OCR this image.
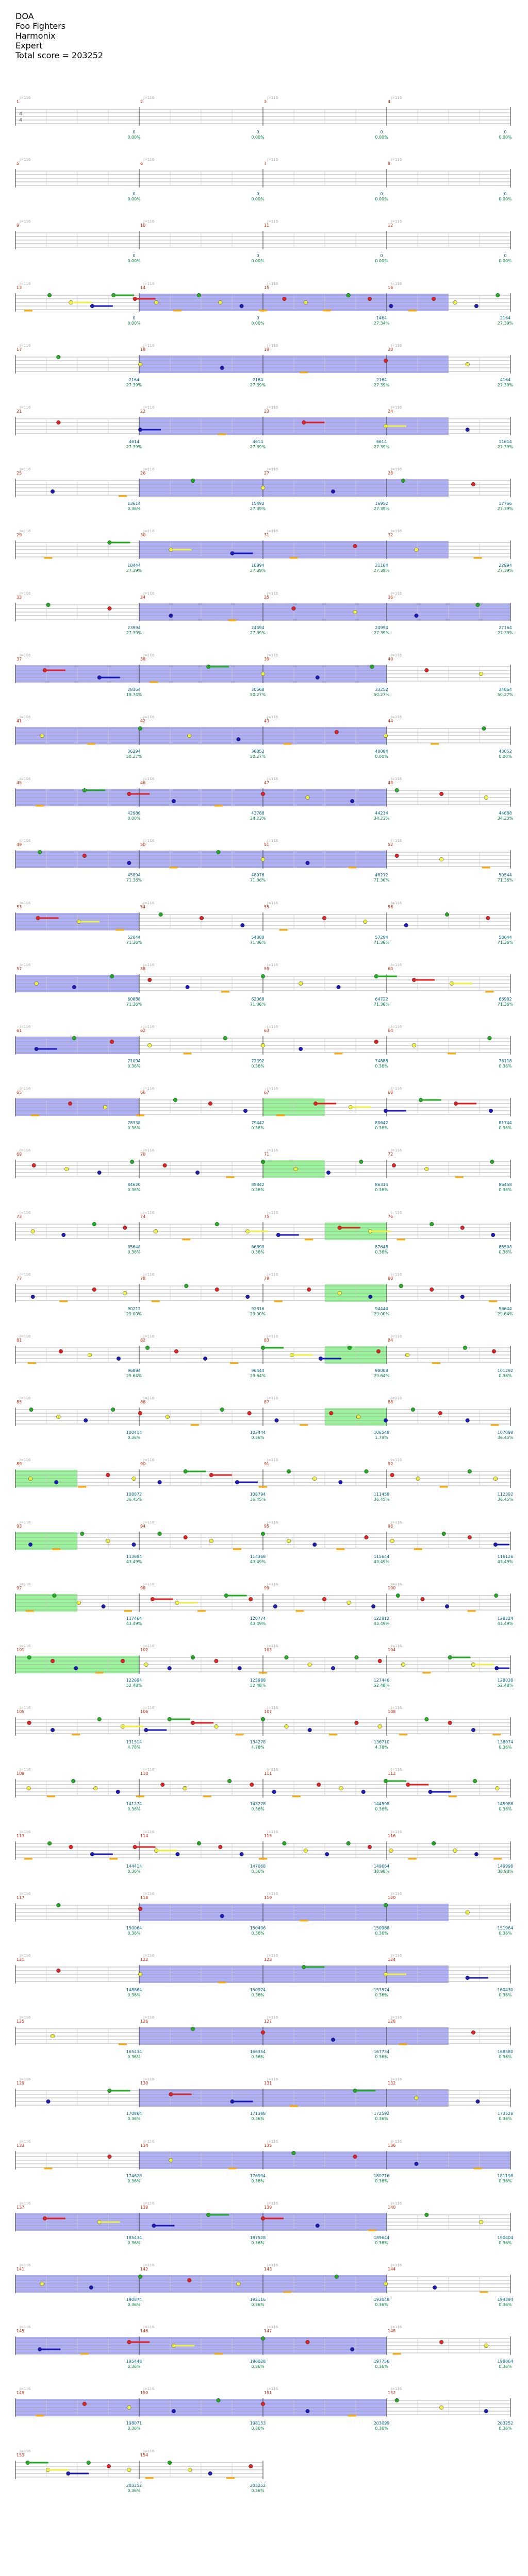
DOA
Foo Fighters
Harmonix
Expert
Total score = 203252
1
J=116
2
J=116
3
J=116
4
J=116
4
4
0
0.00%
0
0.00%
0
0.00%
0
0.00%
5
J=116
6
J=116
7
J=116
8
J=116
0
0.00%
0
0.00%
0
0.00%
0
0.00%
9
J=116
10
J=116
11
J=116
12
J=116
0
0.00%
0
0.00%
0
0.00%
0
0.00%
13
J=116
14
J=116
15
J=116
16
J=116
0
0.00%
0
0.00%
1464
27.34%
2164
27.39%
17
J=116
18
J=116
19
J=116
20
J=116
2164
27.39%
2164
27.39%
2164
27.39%
4164
27.39%
21
J=116
22
J=116
23
J=116
24
J=116
4614
27.39%
4614
27.39%
6614
27.39%
11614
27.39%
25
J=116
26
J=116
27
J=116
28
J=116
13614
0.36%
15492
27.39%
16952
27.39%
17766
27.39%
29
J=116
30
J=116
31
J=116
32
J=116
18444
27.39%
18994
27.39%
21164
27.39%
22994
27.39%
33
J=116
34
J=116
35
J=116
36
J=116
23994
27.39%
24494
27.39%
24994
27.39%
27164
27.39%
37
J=116
38
J=116
39
J=116
40
J=116
28164
19.74%
30568
50.27%
33252
50.27%
34064
50.27%
41
J=116
42
J=116
43
J=116
44
J=116
36294
50.27%
38852
50.27%
40884
0.00%
43052
0.00%
45
J=116
46
J=116
47
J=116
48
J=116
42986
0.00%
43788
34.23%
44214
34.23%
44688
34.23%
49
J=116
50
J=116
51
J=116
52
J=116
45894
71.36%
48076
71.36%
48212
71.36%
50544
71.36%
53
J=116
54
J=116
55
J=116
56
J=116
52044
71.36%
54388
71.36%
57294
71.36%
58644
71.36%
57
J=116
58
J=116
59
J=116
60
J=116
60888
71.36%
62068
71.36%
64722
71.36%
66982
71.36%
61
J=116
62
J=116
63
J=116
64
J=116
71094
0.36%
72392
0.36%
74888
0.36%
76118
0.36%
65
J=116
66
J=116
67
J=116
68
J=116
78338
0.36%
79442
0.36%
80642
0.36%
81744
0.36%
69
J=116
70
J=116
71
J=116
72
J=116
84620
0.36%
85842
0.36%
86314
0.36%
86458
0.36%
73
J=116
74
J=116
75
J=116
76
J=116
85648
0.36%
86898
0.36%
87648
0.36%
88598
0.36%
77
J=116
78
J=116
79
J=116
80
J=116
90212
29.00%
92316
29.00%
94444
29.00%
96644
29.64%
81
J=116
82
J=116
83
J=116
84
J=116
96894
29.64%
96444
29.64%
98008
29.64%
101292
0.36%
85
J=116
86
J=116
87
J=116
88
J=116
100414
0.36%
102444
0.36%
106548
1.79%
107098
36.45%
89
J=116
90
J=116
91
J=116
92
J=116
108872
36.45%
108794
36.45%
111458
36.45%
112392
36.45%
93
J=116
94
J=116
95
J=116
96
J=116
113694
43.49%
114368
43.49%
115644
43.49%
116126
43.49%
97
J=116
98
J=116
99
J=116
100
J=116
117464
43.49%
120774
43.49%
122812
43.49%
128224
43.49%
101
J=116
102
J=116
103
J=116
104
J=116
122694
52.48%
125988
52.48%
127446
52.48%
128038
52.48%
105
J=116
106
J=116
107
J=116
108
J=116
131514
4.78%
134278
4.78%
136710
4.78%
138974
0.36%
109
J=116
110
J=116
111
J=116
112
J=116
141274
0.36%
143278
0.36%
144598
0.36%
145988
0.36%
113
J=116
114
J=116
115
J=116
116
J=116
144414
0.36%
147068
0.36%
149664
38.98%
149998
38.98%
117
J=116
118
J=116
119
J=116
120
J=116
150064
0.36%
150496
0.36%
150968
0.36%
151964
0.36%
121
J=116
122
J=116
123
J=116
124
J=116
148864
0.36%
150974
0.36%
153574
0.36%
160430
0.36%
125
J=116
126
J=116
127
J=116
128
J=116
165434
0.36%
166354
0.36%
167734
0.36%
168580
0.36%
129
J=116
130
J=116
131
J=116
132
J=116
170864
0.36%
171388
0.36%
172592
0.36%
173528
0.36%
133
J=116
134
J=116
135
J=116
136
J=116
174628
0.36%
176994
0.36%
180716
0.36%
181198
0.36%
137
J=116
138
J=116
139
J=116
140
J=116
185434
0.36%
187528
0.36%
189644
0.36%
190404
0.36%
141
J=116
142
J=116
143
J=116
144
J=116
190874
0.36%
192116
0.36%
193048
0.36%
194394
0.36%
145
J=116
146
J=116
147
J=116
148
J=116
195448
0.36%
196028
0.36%
197756
0.36%
198064
0.36%
149
J=116
150
J=116
151
J=116
152
J=116
198071
0.36%
198153
0.36%
203099
0.36%
203252
0.36%
153
J=116
154
J=116
203252
0.36%
203252
0.36%
